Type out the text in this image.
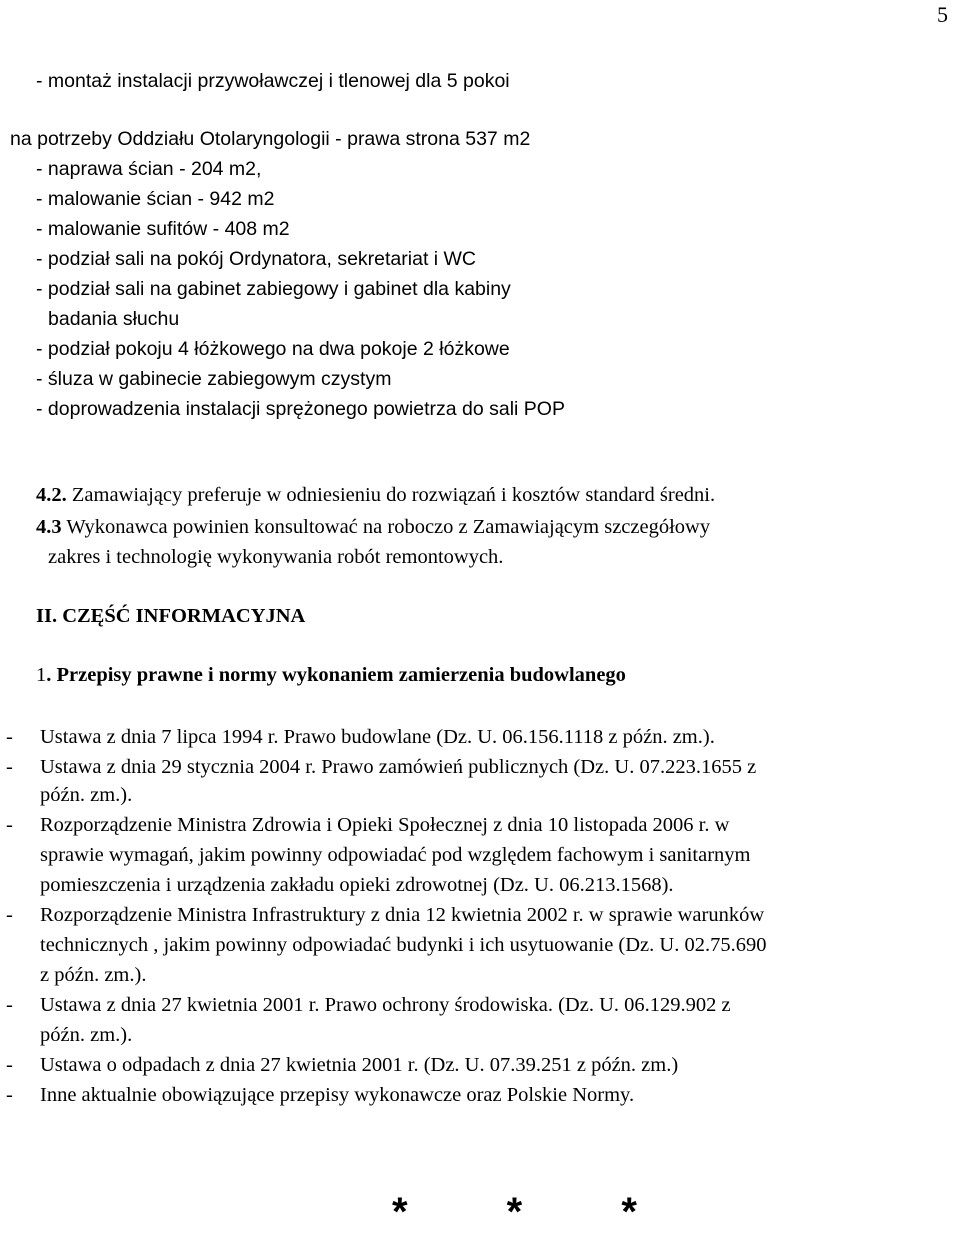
5
- montaż instalacji przywoławczej i tlenowej dla 5 pokoi
na potrzeby Oddziału Otolaryngologii - prawa strona 537 m2
- naprawa ścian - 204 m2,
- malowanie ścian - 942 m2
- malowanie sufitów - 408 m2
- podział sali na pokój Ordynatora, sekretariat i WC
- podział sali na gabinet zabiegowy i gabinet dla kabiny
badania słuchu
- podział pokoju 4 łóżkowego na dwa pokoje 2 łóżkowe
- śluza w gabinecie zabiegowym czystym
- doprowadzenia instalacji sprężonego powietrza do sali POP
4.2. Zamawiający preferuje w odniesieniu do rozwiązań i kosztów standard średni.
4.3 Wykonawca powinien konsultować na roboczo z Zamawiającym szczegółowy
zakres i technologię wykonywania robót remontowych.
II. CZĘŚĆ INFORMACYJNA
1. Przepisy prawne i normy wykonaniem zamierzenia budowlanego
- Ustawa z dnia 7 lipca 1994 r. Prawo budowlane (Dz. U. 06.156.1118 z późn. zm.).
- Ustawa z dnia 29 stycznia 2004 r. Prawo zamówień publicznych (Dz. U. 07.223.1655 z
późn. zm.).
- Rozporządzenie Ministra Zdrowia i Opieki Społecznej z dnia 10 listopada 2006 r. w
sprawie wymagań, jakim powinny odpowiadać pod względem fachowym i sanitarnym
pomieszczenia i urządzenia zakładu opieki zdrowotnej (Dz. U. 06.213.1568).
- Rozporządzenie Ministra Infrastruktury z dnia 12 kwietnia 2002 r. w sprawie warunków
technicznych , jakim powinny odpowiadać budynki i ich usytuowanie (Dz. U. 02.75.690
z późn. zm.).
- Ustawa z dnia 27 kwietnia 2001 r. Prawo ochrony środowiska. (Dz. U. 06.129.902 z
późn. zm.).
- Ustawa o odpadach z dnia 27 kwietnia 2001 r. (Dz. U. 07.39.251 z późn. zm.)
- Inne aktualnie obowiązujące przepisy wykonawcze oraz Polskie Normy.
* * *
